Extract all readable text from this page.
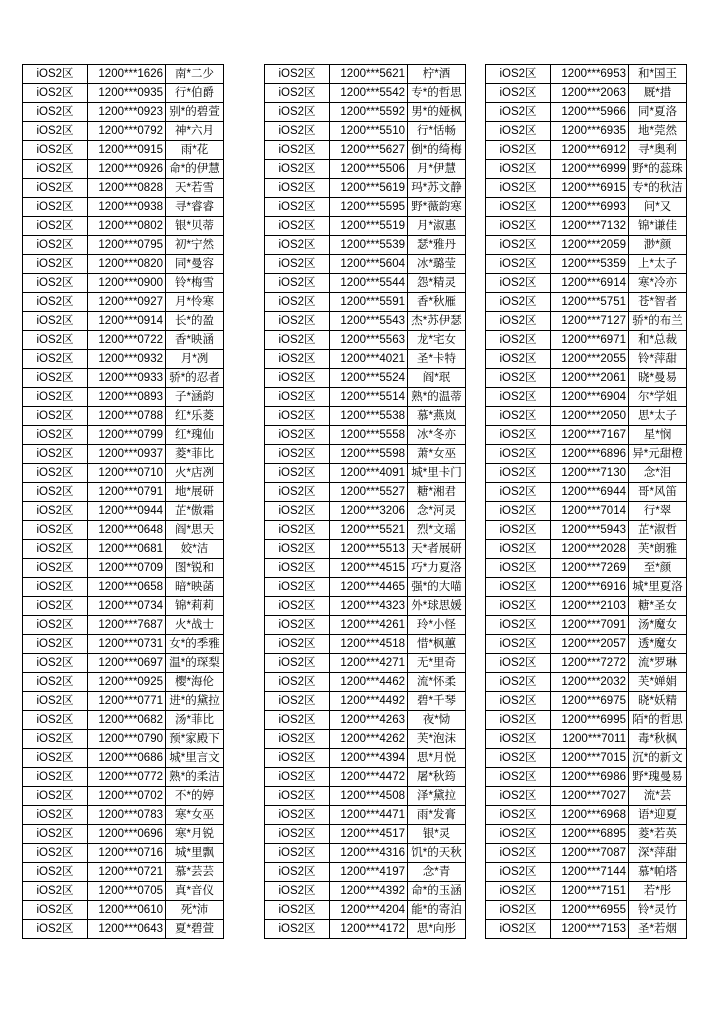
iOS2区	1200***1626	南*二少
iOS2区	1200***0935	行*伯爵
iOS2区	1200***0923	别*的碧萱
iOS2区	1200***0792	神*六月
iOS2区	1200***0915	雨*花
iOS2区	1200***0926	命*的伊慧
iOS2区	1200***0828	天*若雪
iOS2区	1200***0938	寻*睿睿
iOS2区	1200***0802	银*贝蒂
iOS2区	1200***0795	初*宁然
iOS2区	1200***0820	同*曼容
iOS2区	1200***0900	铃*梅雪
iOS2区	1200***0927	月*怜寒
iOS2区	1200***0914	长*的盈
iOS2区	1200***0722	香*映涵
iOS2区	1200***0932	月*冽
iOS2区	1200***0933	骄*的忍者
iOS2区	1200***0893	子*涵韵
iOS2区	1200***0788	红*乐菱
iOS2区	1200***0799	红*瑰仙
iOS2区	1200***0937	菱*菲比
iOS2区	1200***0710	火*店冽
iOS2区	1200***0791	地*展研
iOS2区	1200***0944	芷*傲霜
iOS2区	1200***0648	阎*思天
iOS2区	1200***0681	姣*洁
iOS2区	1200***0709	图*锐和
iOS2区	1200***0658	暗*映菡
iOS2区	1200***0734	锦*莉莉
iOS2区	1200***7687	火*战士
iOS2区	1200***0731	女*的季雅
iOS2区	1200***0697	温*的琛梨
iOS2区	1200***0925	樱*海伦
iOS2区	1200***0771	进*的黛拉
iOS2区	1200***0682	汤*菲比
iOS2区	1200***0790	预*家殿下
iOS2区	1200***0686	城*里言文
iOS2区	1200***0772	熟*的柔洁
iOS2区	1200***0702	不*的婷
iOS2区	1200***0783	寒*女巫
iOS2区	1200***0696	寒*月锐
iOS2区	1200***0716	城*里飘
iOS2区	1200***0721	慕*芸芸
iOS2区	1200***0705	真*音仪
iOS2区	1200***0610	死*沛
iOS2区	1200***0643	夏*碧萱
iOS2区	1200***5621	柠*酒
iOS2区	1200***5542	专*的哲思
iOS2区	1200***5592	男*的娅枫
iOS2区	1200***5510	行*恬畅
iOS2区	1200***5627	倒*的绮梅
iOS2区	1200***5506	月*伊慧
iOS2区	1200***5619	玛*苏文静
iOS2区	1200***5595	野*薇韵寒
iOS2区	1200***5519	月*淑惠
iOS2区	1200***5539	瑟*雅丹
iOS2区	1200***5604	冰*璐莹
iOS2区	1200***5544	怨*精灵
iOS2区	1200***5591	香*秋雁
iOS2区	1200***5543	杰*苏伊瑟
iOS2区	1200***5563	龙*宅女
iOS2区	1200***4021	圣*卡特
iOS2区	1200***5524	阎*珉
iOS2区	1200***5514	熟*的温蒂
iOS2区	1200***5538	慕*燕岚
iOS2区	1200***5558	冰*冬亦
iOS2区	1200***5598	萧*女巫
iOS2区	1200***4091	城*里卡门
iOS2区	1200***5527	糖*湘君
iOS2区	1200***3206	念*河灵
iOS2区	1200***5521	烈*文瑶
iOS2区	1200***5513	天*者展研
iOS2区	1200***4515	巧*力夏洛
iOS2区	1200***4465	强*的大喵
iOS2区	1200***4323	外*球思媛
iOS2区	1200***4261	玲*小怪
iOS2区	1200***4518	惜*枫蕙
iOS2区	1200***4271	无*里奇
iOS2区	1200***4462	流*怀柔
iOS2区	1200***4492	碧*千琴
iOS2区	1200***4263	夜*恸
iOS2区	1200***4262	芙*泡沫
iOS2区	1200***4394	思*月悦
iOS2区	1200***4472	屠*秋筠
iOS2区	1200***4508	泽*黛拉
iOS2区	1200***4471	雨*发膏
iOS2区	1200***4517	银*灵
iOS2区	1200***4316	饥*的天秋
iOS2区	1200***4197	念*青
iOS2区	1200***4392	命*的玉涵
iOS2区	1200***4204	能*的寄泊
iOS2区	1200***4172	思*向彤
iOS2区	1200***6953	和*国王
iOS2区	1200***2063	厩*措
iOS2区	1200***5966	同*夏洛
iOS2区	1200***6935	地*莞然
iOS2区	1200***6912	寻*奥利
iOS2区	1200***6999	野*的蕊珠
iOS2区	1200***6915	专*的秋洁
iOS2区	1200***6993	问*又
iOS2区	1200***7132	锦*谦佳
iOS2区	1200***2059	渺*颜
iOS2区	1200***5359	上*太子
iOS2区	1200***6914	寒*冷亦
iOS2区	1200***5751	苍*智者
iOS2区	1200***7127	骄*的布兰
iOS2区	1200***6971	和*总裁
iOS2区	1200***2055	铃*萍甜
iOS2区	1200***2061	晓*曼易
iOS2区	1200***6904	尔*学姐
iOS2区	1200***2050	思*太子
iOS2区	1200***7167	星*悯
iOS2区	1200***6896	异*元甜橙
iOS2区	1200***7130	念*泪
iOS2区	1200***6944	哥*风笛
iOS2区	1200***7014	行*翠
iOS2区	1200***5943	芷*淑哲
iOS2区	1200***2028	芙*朗雅
iOS2区	1200***7269	至*颜
iOS2区	1200***6916	城*里夏洛
iOS2区	1200***2103	糖*圣女
iOS2区	1200***7091	汤*魔女
iOS2区	1200***2057	透*魔女
iOS2区	1200***7272	流*罗琳
iOS2区	1200***2032	芙*婵娟
iOS2区	1200***6975	晓*妖精
iOS2区	1200***6995	陌*的哲思
iOS2区	1200***7011	毒*秋枫
iOS2区	1200***7015	沉*的新文
iOS2区	1200***6986	野*瑰曼易
iOS2区	1200***7027	流*芸
iOS2区	1200***6968	语*迎夏
iOS2区	1200***6895	菱*若英
iOS2区	1200***7087	深*萍甜
iOS2区	1200***7144	慕*帕塔
iOS2区	1200***7151	若*彤
iOS2区	1200***6955	铃*灵竹
iOS2区	1200***7153	圣*若烟
